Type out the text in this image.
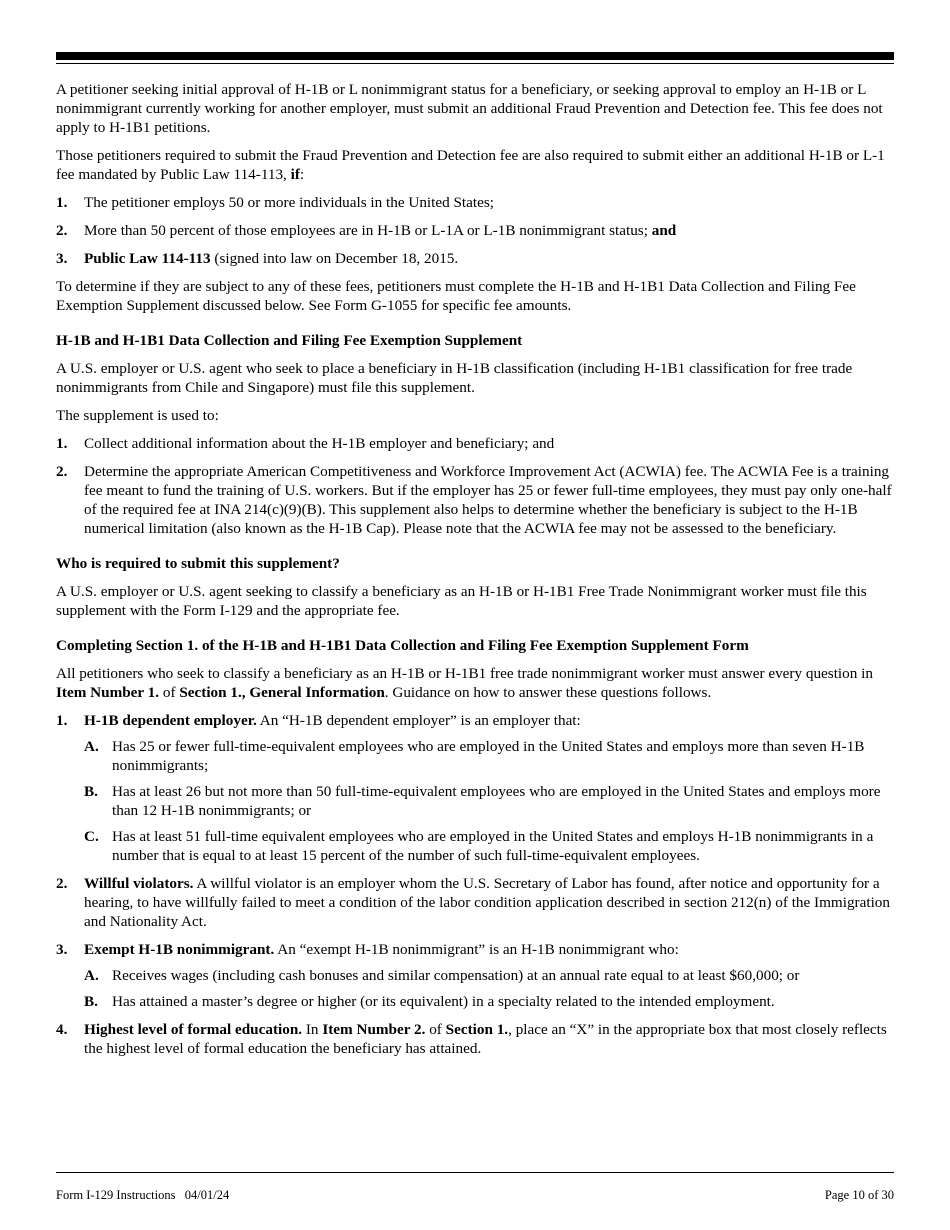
A petitioner seeking initial approval of H-1B or L nonimmigrant status for a beneficiary, or seeking approval to employ an H-1B or L nonimmigrant currently working for another employer, must submit an additional Fraud Prevention and Detection fee. This fee does not apply to H-1B1 petitions.

Those petitioners required to submit the Fraud Prevention and Detection fee are also required to submit either an additional H-1B or L-1 fee mandated by Public Law 114-113, if:

1.	The petitioner employs 50 or more individuals in the United States;
2.	More than 50 percent of those employees are in H-1B or L-1A or L-1B nonimmigrant status; and
3.	Public Law 114-113 (signed into law on December 18, 2015.

To determine if they are subject to any of these fees, petitioners must complete the H-1B and H-1B1 Data Collection and Filing Fee Exemption Supplement discussed below. See Form G-1055 for specific fee amounts.

H-1B and H-1B1 Data Collection and Filing Fee Exemption Supplement

A U.S. employer or U.S. agent who seek to place a beneficiary in H-1B classification (including H-1B1 classification for free trade nonimmigrants from Chile and Singapore) must file this supplement.

The supplement is used to:

1.	Collect additional information about the H-1B employer and beneficiary; and
2.	Determine the appropriate American Competitiveness and Workforce Improvement Act (ACWIA) fee. The ACWIA Fee is a training fee meant to fund the training of U.S. workers. But if the employer has 25 or fewer full-time employees, they must pay only one-half of the required fee at INA 214(c)(9)(B). This supplement also helps to determine whether the beneficiary is subject to the H-1B numerical limitation (also known as the H-1B Cap). Please note that the ACWIA fee may not be assessed to the beneficiary.
Who is required to submit this supplement?

A U.S. employer or U.S. agent seeking to classify a beneficiary as an H-1B or H-1B1 Free Trade Nonimmigrant worker must file this supplement with the Form I-129 and the appropriate fee.

Completing Section 1. of the H-1B and H-1B1 Data Collection and Filing Fee Exemption Supplement Form

All petitioners who seek to classify a beneficiary as an H-1B or H-1B1 free trade nonimmigrant worker must answer every question in Item Number 1. of Section 1., General Information. Guidance on how to answer these questions follows.

1.	H-1B dependent employer. An “H-1B dependent employer” is an employer that:
A. Has 25 or fewer full-time-equivalent employees who are employed in the United States and employs more than seven H-1B nonimmigrants;
B. Has at least 26 but not more than 50 full-time-equivalent employees who are employed in the United States and employs more than 12 H-1B nonimmigrants; or
C. Has at least 51 full-time equivalent employees who are employed in the United States and employs H-1B nonimmigrants in a number that is equal to at least 15 percent of the number of such full-time-equivalent employees.
2.	Willful violators. A willful violator is an employer whom the U.S. Secretary of Labor has found, after notice and opportunity for a hearing, to have willfully failed to meet a condition of the labor condition application described in section 212(n) of the Immigration and Nationality Act.
3.	Exempt H-1B nonimmigrant. An “exempt H-1B nonimmigrant” is an H-1B nonimmigrant who:
A. Receives wages (including cash bonuses and similar compensation) at an annual rate equal to at least $60,000; or
B. Has attained a master’s degree or higher (or its equivalent) in a specialty related to the intended employment.
4.	Highest level of formal education. In Item Number 2. of Section 1., place an “X” in the appropriate box that most closely reflects the highest level of formal education the beneficiary has attained.
Form I-129 Instructions   04/01/24	Page 10 of 30
